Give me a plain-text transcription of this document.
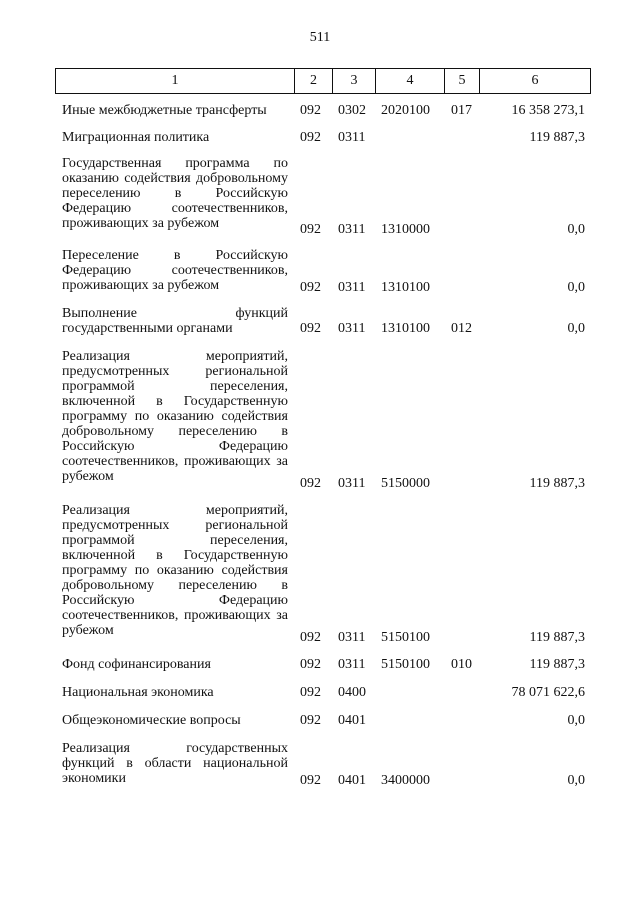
511
1	2	3	4	5	6
Иные межбюджетные трансферты	092 0302 2020100 017	16 358 273,1
Миграционная политика	092 0311	119 887,3
Государственная программа по оказанию содействия добровольному переселению в Российскую Федерацию соотечественников, проживающих за рубежом	092 0311 1310000	0,0
Переселение в Российскую Федерацию соотечественников, проживающих за рубежом	092 0311 1310100	0,0
Выполнение функций государственными органами	092 0311 1310100 012	0,0
Реализация мероприятий, предусмотренных региональной программой переселения, включенной в Государственную программу по оказанию содействия добровольному переселению в Российскую Федерацию соотечественников, проживающих за рубежом	092 0311 5150000	119 887,3
Реализация мероприятий, предусмотренных региональной программой переселения, включенной в Государственную программу по оказанию содействия добровольному переселению в Российскую Федерацию соотечественников, проживающих за рубежом	092 0311 5150100	119 887,3
Фонд софинансирования	092 0311 5150100 010	119 887,3
Национальная экономика	092 0400	78 071 622,6
Общеэкономические вопросы	092 0401	0,0
Реализация государственных функций в области национальной экономики	092 0401 3400000	0,0
